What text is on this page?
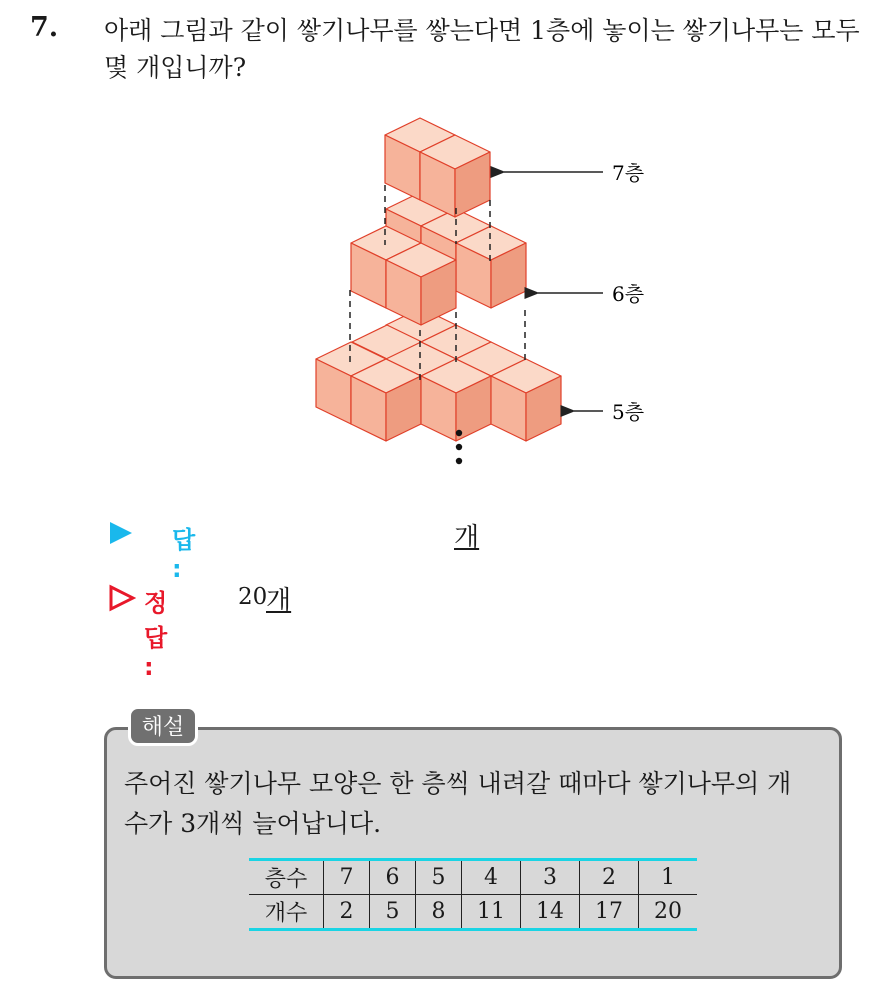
7. 아래 그림과 같이 쌓기나무를 쌓는다면 1층에 놓이는 쌓기나무는 모두
몇 개입니까?
7층
6층
5층
답 :
개
정답 :
20
개
해설
주어진 쌓기나무 모양은 한 층씩 내려갈 때마다 쌓기나무의 개
수가 3개씩 늘어납니다.
층수	7	6	5	4	3	2	1
개수	2	5	8	11	14	17	20
